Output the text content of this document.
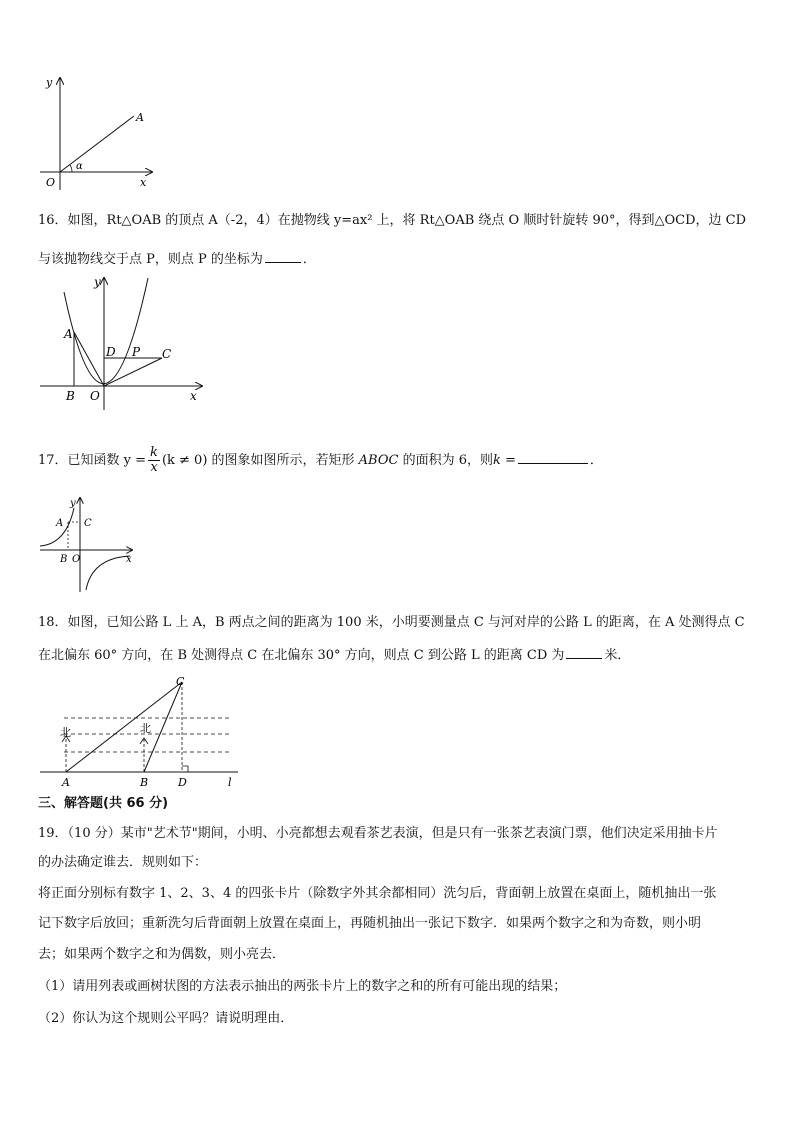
y
x
O
A
α
16．如图，Rt△OAB 的顶点 A（-2，4）在抛物线 y=ax² 上，将 Rt△OAB 绕点 O 顺时针旋转 90°，得到△OCD，边 CD
与该抛物线交于点 P，则点 P 的坐标为	．
y
x
A
B O
D P C
17．已知函数 $y = \frac{k}{x} (k \ne 0)$ 的图象如图所示，若矩形 ABOC 的面积为 6，则k =	．
y
x
A C
B O
18．如图，已知公路 L 上 A，B 两点之间的距离为 100 米，小明要测量点 C 与河对岸的公路 L 的距离，在 A 处测得点 C
在北偏东 60° 方向，在 B 处测得点 C 在北偏东 30° 方向，则点 C 到公路 L 的距离 CD 为	米．
北	北
C
A	B	D	l
三、解答题(共 66 分)
19．（10 分）某市"艺术节"期间，小明、小亮都想去观看茶艺表演，但是只有一张茶艺表演门票，他们决定采用抽卡片
的办法确定谁去．规则如下：
将正面分别标有数字 1、2、3、4 的四张卡片（除数字外其余都相同）洗匀后，背面朝上放置在桌面上，随机抽出一张
记下数字后放回；重新洗匀后背面朝上放置在桌面上，再随机抽出一张记下数字．如果两个数字之和为奇数，则小明
去；如果两个数字之和为偶数，则小亮去．
（1）请用列表或画树状图的方法表示抽出的两张卡片上的数字之和的所有可能出现的结果；
（2）你认为这个规则公平吗？请说明理由．
